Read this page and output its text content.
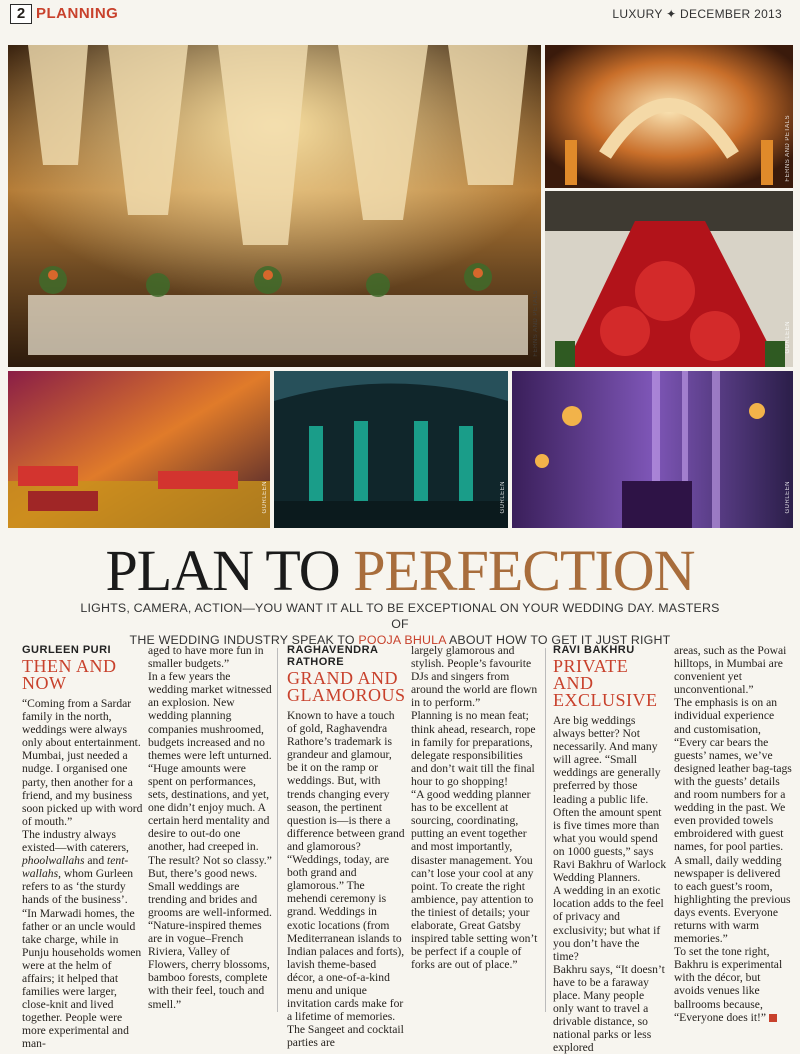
2 PLANNING	LUXURY ✦ DECEMBER 2013
FERNS AND PETALS
GURLEEN
FERNS AND PETALS
GURLEEN	GURLEEN	GURLEEN
PLAN TO PERFECTION
LIGHTS, CAMERA, ACTION—YOU WANT IT ALL TO BE EXCEPTIONAL ON YOUR WEDDING DAY. MASTERS OF
THE WEDDING INDUSTRY SPEAK TO POOJA BHULA ABOUT HOW TO GET IT JUST RIGHT
GURLEEN PURI
THEN AND NOW

“Coming from a Sardar family in the north, weddings were always only about entertainment. Mumbai, just needed a nudge. I organised one party, then another for a friend, and my business soon picked up with word of mouth.”

The industry always existed—with caterers, phoolwallahs and tent-wallahs, whom Gurleen refers to as ‘the sturdy hands of the business’.

“In Marwadi homes, the father or an uncle would take charge, while in Punju households women were at the helm of affairs; it helped that families were larger, close-knit and lived together. People were more experimental and man-

aged to have more fun in smaller budgets.”

In a few years the wedding market witnessed an explosion. New wedding planning companies mushroomed, budgets increased and no themes were left unturned.

“Huge amounts were spent on performances, sets, destinations, and yet, one didn’t enjoy much. A certain herd mentality and desire to out-do one another, had creeped in. The result? Not so classy.”

But, there’s good news. Small weddings are trending and brides and grooms are well-informed. “Nature-inspired themes are in vogue–French Riviera, Valley of Flowers, cherry blossoms, bamboo forests, complete with their feel, touch and smell.”

RAGHAVENDRA RATHORE
GRAND AND GLAMOROUS

Known to have a touch of gold, Raghavendra Rathore’s trademark is grandeur and glamour, be it on the ramp or weddings. But, with trends changing every season, the pertinent question is—is there a difference between grand and glamorous?

“Weddings, today, are both grand and glamorous.” The mehendi ceremony is grand. Weddings in exotic locations (from Mediterranean islands to Indian palaces and forts), lavish theme-based décor, a one-of-a-kind menu and unique invitation cards make for a lifetime of memories. The Sangeet and cocktail parties are

largely glamorous and stylish. People’s favourite DJs and singers from around the world are flown in to perform.”

Planning is no mean feat; think ahead, research, rope in family for preparations, delegate responsibilities and don’t wait till the final hour to go shopping!

“A good wedding planner has to be excellent at sourcing, coordinating, putting an event together and most importantly, disaster management. You can’t lose your cool at any point. To create the right ambience, pay attention to the tiniest of details; your elaborate, Great Gatsby inspired table setting won’t be perfect if a couple of forks are out of place.”

RAVI BAKHRU
PRIVATE AND EXCLUSIVE

Are big weddings always better? Not necessarily. And many will agree. “Small weddings are generally preferred by those leading a public life. Often the amount spent is five times more than what you would spend on 1000 guests,” says Ravi Bakhru of Warlock Wedding Planners.

A wedding in an exotic location adds to the feel of privacy and exclusivity; but what if you don’t have the time?

Bakhru says, “It doesn’t have to be a faraway place. Many people only want to travel a drivable distance, so national parks or less explored

areas, such as the Powai hilltops, in Mumbai are convenient yet unconventional.”

The emphasis is on an individual experience and customisation, “Every car bears the guests’ names, we’ve designed leather bag-tags with the guests’ details and room numbers for a wedding in the past. We even provided towels embroidered with guest names, for pool parties. A small, daily wedding newspaper is delivered to each guest’s room, highlighting the previous days events. Everyone returns with warm memories.”

To set the tone right, Bakhru is experimental with the décor, but avoids venues like ballrooms because, “Everyone does it!”
